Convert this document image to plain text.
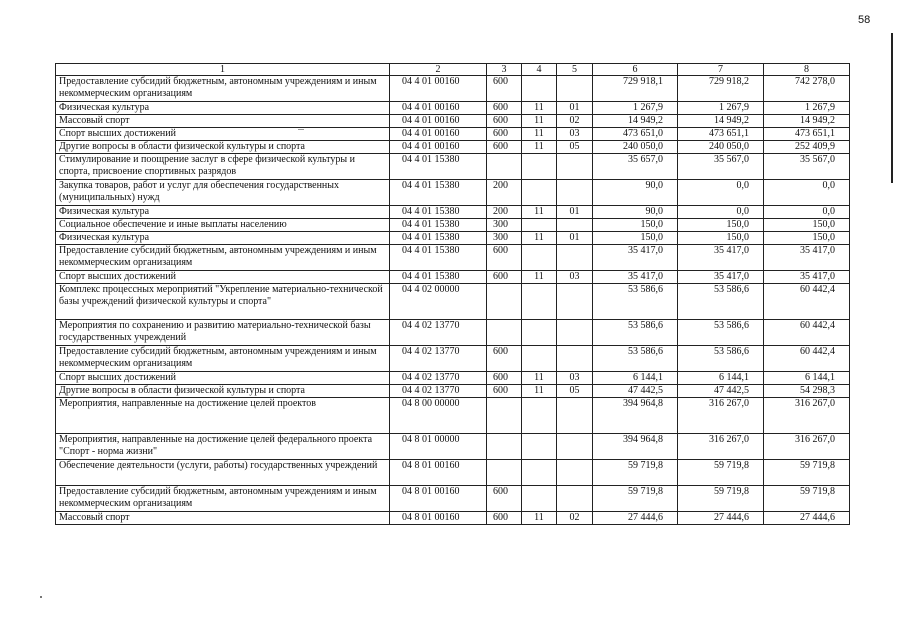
58
1	2	3	4	5	6	7	8
Предоставление субсидий бюджетным, автономным учреждениям и иным некоммерческим организациям	04 4 01 00160	600			729 918,1	729 918,2	742 278,0
Физическая культура	04 4 01 00160	600	11	01	1 267,9	1 267,9	1 267,9
Массовый спорт	04 4 01 00160	600	11	02	14 949,2	14 949,2	14 949,2
Спорт высших достижений	04 4 01 00160	600	11	03	473 651,0	473 651,1	473 651,1
Другие вопросы в области физической культуры и спорта	04 4 01 00160	600	11	05	240 050,0	240 050,0	252 409,9
Стимулирование и поощрение заслуг в сфере физической культуры и спорта, присвоение спортивных разрядов	04 4 01 15380				35 657,0	35 567,0	35 567,0
Закупка товаров, работ и услуг для обеспечения государственных (муниципальных) нужд	04 4 01 15380	200			90,0	0,0	0,0
Физическая культура	04 4 01 15380	200	11	01	90,0	0,0	0,0
Социальное обеспечение и иные выплаты населению	04 4 01 15380	300			150,0	150,0	150,0
Физическая культура	04 4 01 15380	300	11	01	150,0	150,0	150,0
Предоставление субсидий бюджетным, автономным учреждениям и иным некоммерческим организациям	04 4 01 15380	600			35 417,0	35 417,0	35 417,0
Спорт высших достижений	04 4 01 15380	600	11	03	35 417,0	35 417,0	35 417,0
Комплекс процессных мероприятий "Укрепление материально-технической базы учреждений физической культуры и спорта"	04 4 02 00000				53 586,6	53 586,6	60 442,4
Мероприятия по сохранению и развитию материально-технической базы государственных учреждений	04 4 02 13770				53 586,6	53 586,6	60 442,4
Предоставление субсидий бюджетным, автономным учреждениям и иным некоммерческим организациям	04 4 02 13770	600			53 586,6	53 586,6	60 442,4
Спорт высших достижений	04 4 02 13770	600	11	03	6 144,1	6 144,1	6 144,1
Другие вопросы в области физической культуры и спорта	04 4 02 13770	600	11	05	47 442,5	47 442,5	54 298,3
Мероприятия, направленные на достижение целей проектов	04 8 00 00000				394 964,8	316 267,0	316 267,0
Мероприятия, направленные на достижение целей федерального проекта "Спорт - норма жизни"	04 8 01 00000				394 964,8	316 267,0	316 267,0
Обеспечение деятельности (услуги, работы) государственных учреждений	04 8 01 00160				59 719,8	59 719,8	59 719,8
Предоставление субсидий бюджетным, автономным учреждениям и иным некоммерческим организациям	04 8 01 00160	600			59 719,8	59 719,8	59 719,8
Массовый спорт	04 8 01 00160	600	11	02	27 444,6	27 444,6	27 444,6
